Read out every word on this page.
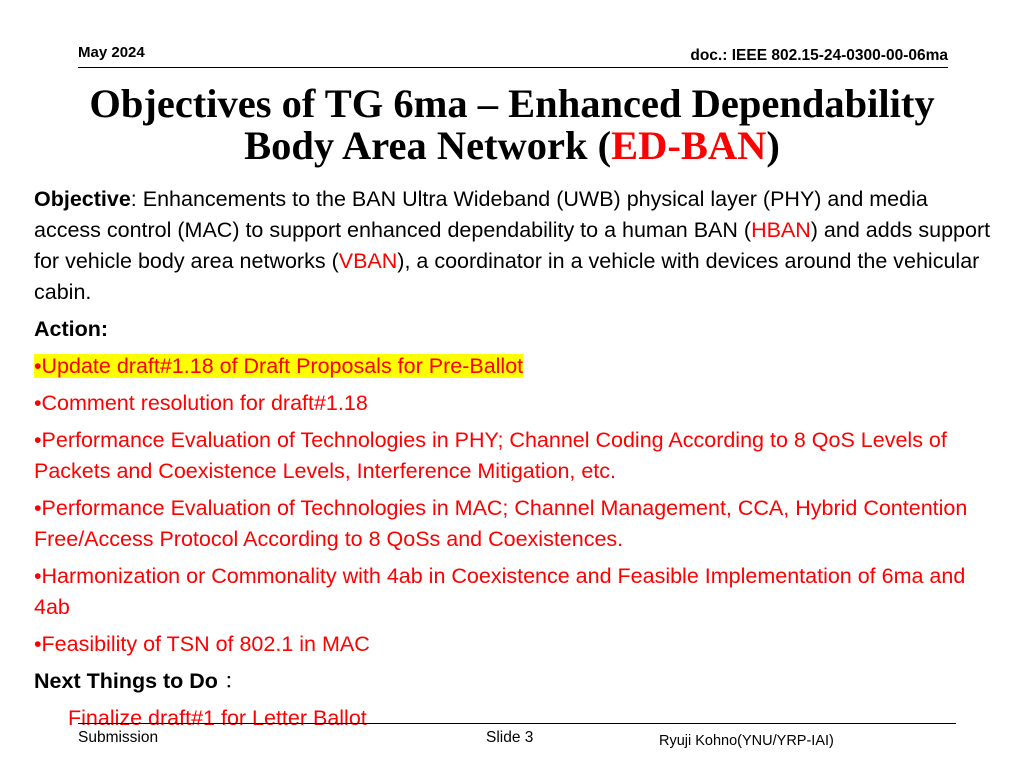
May 2024	doc.: IEEE 802.15-24-0300-00-06ma
Objectives of TG 6ma – Enhanced Dependability
Body Area Network (ED-BAN)

Objective: Enhancements to the BAN Ultra Wideband (UWB) physical layer (PHY) and media access control (MAC) to support enhanced dependability to a human BAN (HBAN) and adds support for vehicle body area networks (VBAN), a coordinator in a vehicle with devices around the vehicular cabin.

Action:

•Update draft#1.18 of Draft Proposals for Pre-Ballot

•Comment resolution for draft#1.18

•Performance Evaluation of Technologies in PHY; Channel Coding According to 8 QoS Levels of Packets and Coexistence Levels, Interference Mitigation, etc.

•Performance Evaluation of Technologies in MAC; Channel Management, CCA, Hybrid Contention Free/Access Protocol According to 8 QoSs and Coexistences.

•Harmonization or Commonality with 4ab in Coexistence and Feasible Implementation of 6ma and 4ab

•Feasibility of TSN of 802.1 in MAC

Next Things to Do ：

Finalize draft#1 for Letter Ballot

Submission	Slide 3	Ryuji Kohno(YNU/YRP-IAI)
